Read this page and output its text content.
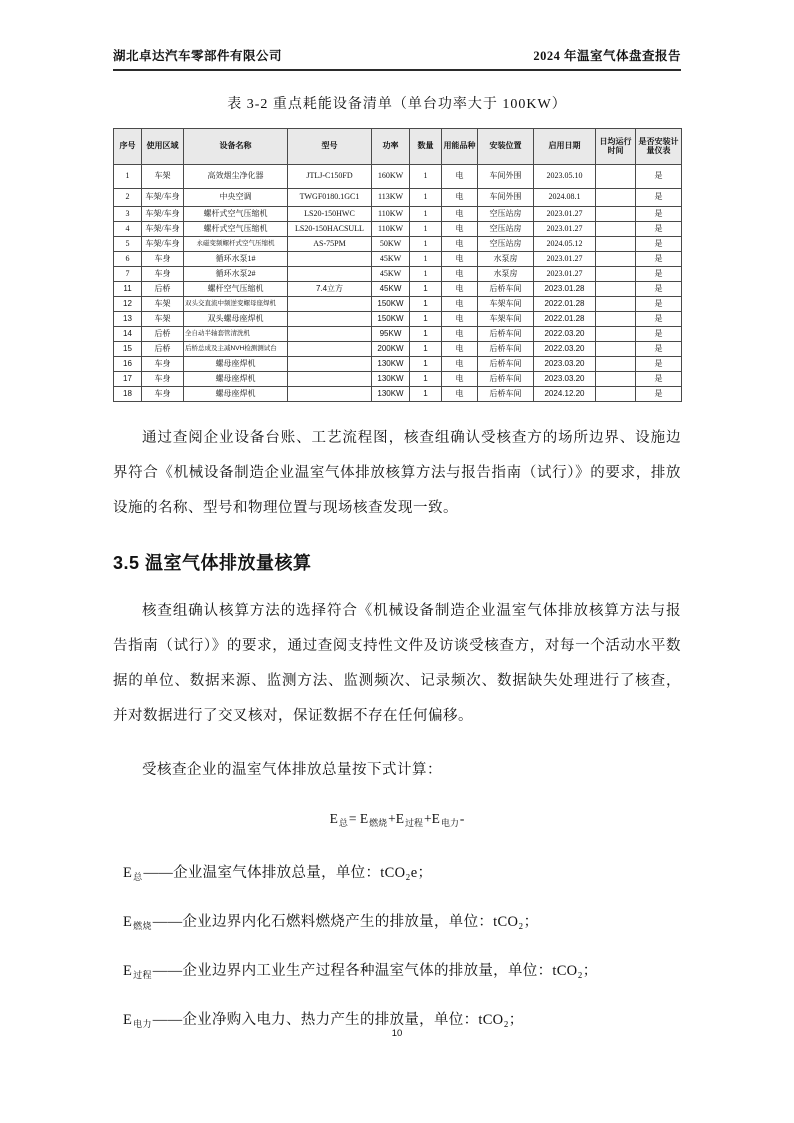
湖北卓达汽车零部件有限公司	2024 年温室气体盘查报告
表 3-2 重点耗能设备清单（单台功率大于 100KW）
序号	使用区域	设备名称	型号	功率	数量	用能品种	安装位置	启用日期	日均运行时间	是否安装计量仪表
1	车架	高效烟尘净化器	JTLJ-C150FD	160KW	1	电	车间外围	2023.05.10		是
2	车架/车身	中央空调	TWGF0180.1GC1	113KW	1	电	车间外围	2024.08.1		是
3	车架/车身	螺杆式空气压缩机	LS20-150HWC	110KW	1	电	空压站房	2023.01.27		是
4	车架/车身	螺杆式空气压缩机	LS20-150HACSULL	110KW	1	电	空压站房	2023.01.27		是
5	车架/车身	永磁变频螺杆式空气压缩机	AS-75PM	50KW	1	电	空压站房	2024.05.12		是
6	车身	循环水泵1#		45KW	1	电	水泵房	2023.01.27		是
7	车身	循环水泵2#		45KW	1	电	水泵房	2023.01.27		是
11	后桥	螺杆空气压缩机	7.4立方	45KW	1	电	后桥车间	2023.01.28		是
12	车架	双头交直流中频逆变螺母座焊机		150KW	1	电	车架车间	2022.01.28		是
13	车架	双头螺母座焊机		150KW	1	电	车架车间	2022.01.28		是
14	后桥	全自动半轴套管清洗机		95KW	1	电	后桥车间	2022.03.20		是
15	后桥	后桥总成及主减NVH检测测试台		200KW	1	电	后桥车间	2022.03.20		是
16	车身	螺母座焊机		130KW	1	电	后桥车间	2023.03.20		是
17	车身	螺母座焊机		130KW	1	电	后桥车间	2023.03.20		是
18	车身	螺母座焊机		130KW	1	电	后桥车间	2024.12.20		是

通过查阅企业设备台账、工艺流程图，核查组确认受核查方的场所边界、设施边界符合《机械设备制造企业温室气体排放核算方法与报告指南（试行）》的要求，排放设施的名称、型号和物理位置与现场核查发现一致。

3.5 温室气体排放量核算

核查组确认核算方法的选择符合《机械设备制造企业温室气体排放核算方法与报告指南（试行）》的要求，通过查阅支持性文件及访谈受核查方，对每一个活动水平数据的单位、数据来源、监测方法、监测频次、记录频次、数据缺失处理进行了核查，并对数据进行了交叉核对，保证数据不存在任何偏移。

受核查企业的温室气体排放总量按下式计算：

$E_总= E_{燃烧}+E_{过程}+E_{电力}-$
$E_总——$企业温室气体排放总量，单位：tCO₂e；
$E_{燃烧}——$企业边界内化石燃料燃烧产生的排放量，单位：tCO₂；
$E_{过程}——$企业边界内工业生产过程各种温室气体的排放量，单位：tCO₂；
$E_{电力}——$企业净购入电力、热力产生的排放量，单位：tCO₂；
10
